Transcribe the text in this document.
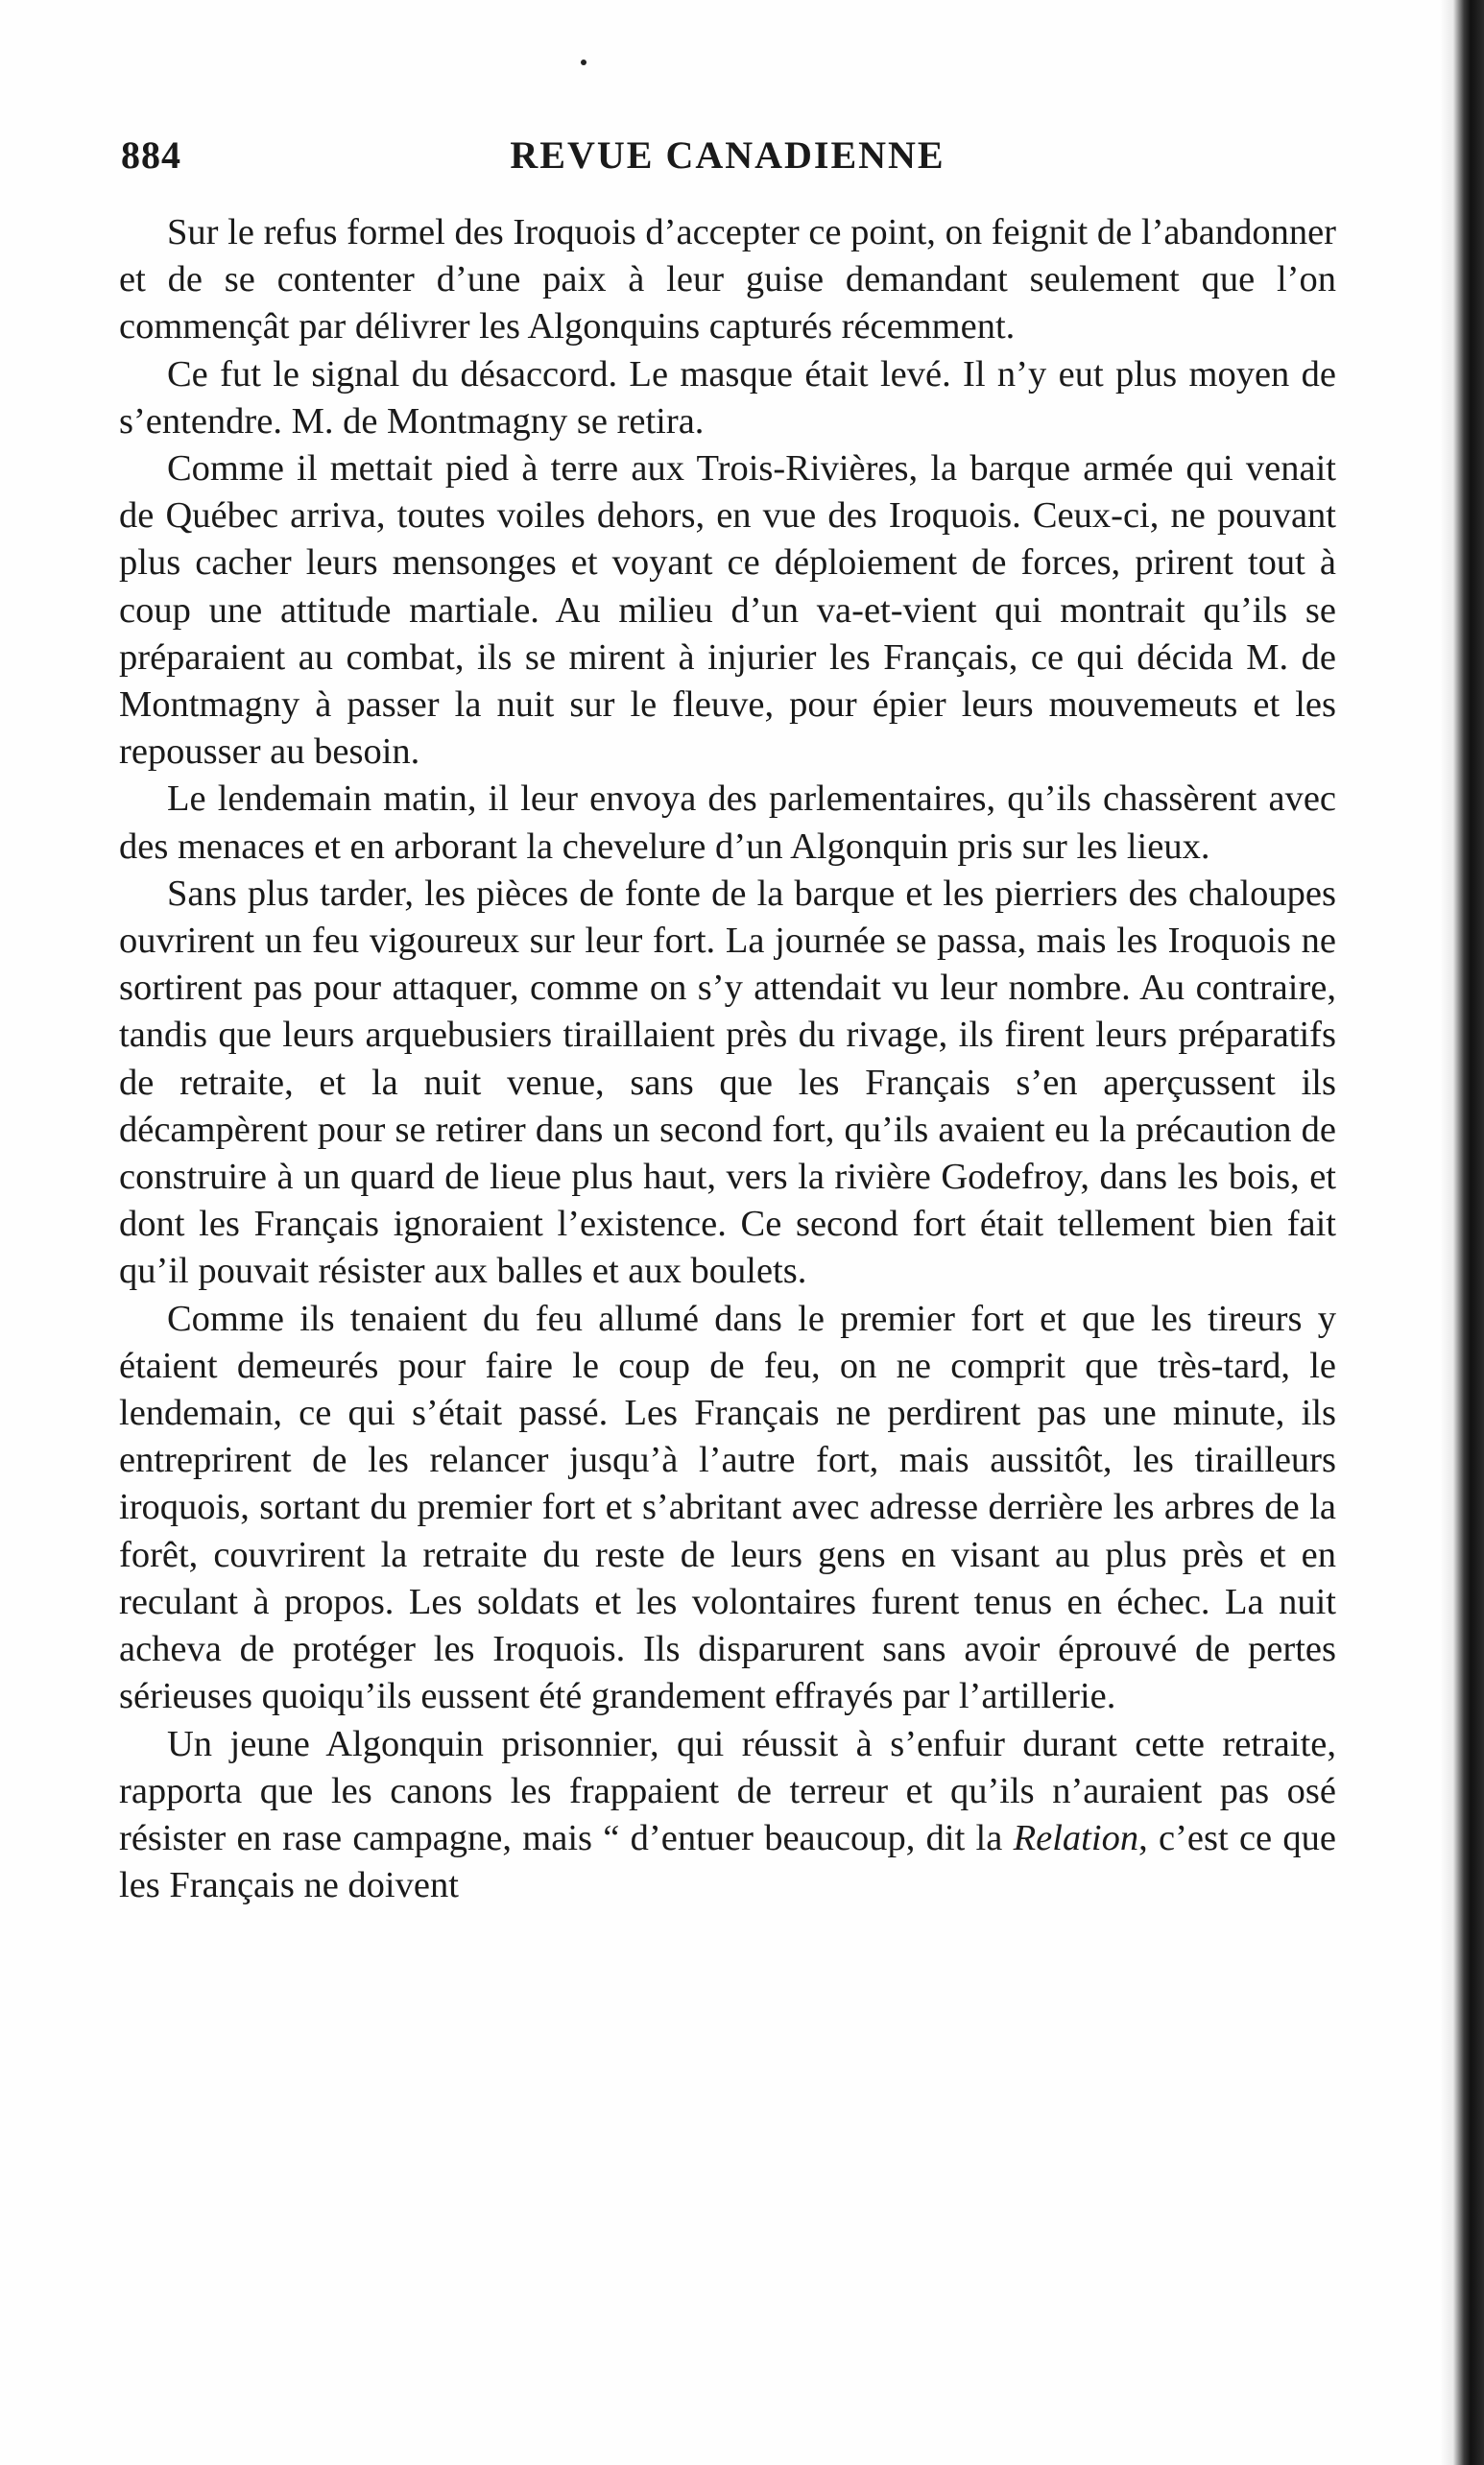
884	REVUE CANADIENNE

Sur le refus formel des Iroquois d’accepter ce point, on feignit de l’abandonner et de se contenter d’une paix à leur guise demandant seulement que l’on commençât par délivrer les Algonquins capturés récemment.

Ce fut le signal du désaccord. Le masque était levé. Il n’y eut plus moyen de s’entendre. M. de Montmagny se retira.

Comme il mettait pied à terre aux Trois-Rivières, la barque armée qui venait de Québec arriva, toutes voiles dehors, en vue des Iroquois. Ceux-ci, ne pouvant plus cacher leurs mensonges et voyant ce déploiement de forces, prirent tout à coup une attitude martiale. Au milieu d’un va-et-vient qui montrait qu’ils se préparaient au combat, ils se mirent à injurier les Français, ce qui décida M. de Montmagny à passer la nuit sur le fleuve, pour épier leurs mouvemeuts et les repousser au besoin.

Le lendemain matin, il leur envoya des parlementaires, qu’ils chassèrent avec des menaces et en arborant la chevelure d’un Algonquin pris sur les lieux.

Sans plus tarder, les pièces de fonte de la barque et les pierriers des chaloupes ouvrirent un feu vigoureux sur leur fort. La journée se passa, mais les Iroquois ne sortirent pas pour attaquer, comme on s’y attendait vu leur nombre. Au contraire, tandis que leurs arquebusiers tiraillaient près du rivage, ils firent leurs préparatifs de retraite, et la nuit venue, sans que les Français s’en aperçussent ils décampèrent pour se retirer dans un second fort, qu’ils avaient eu la précaution de construire à un quard de lieue plus haut, vers la rivière Godefroy, dans les bois, et dont les Français ignoraient l’existence. Ce second fort était tellement bien fait qu’il pouvait résister aux balles et aux boulets.

Comme ils tenaient du feu allumé dans le premier fort et que les tireurs y étaient demeurés pour faire le coup de feu, on ne comprit que très-tard, le lendemain, ce qui s’était passé. Les Français ne perdirent pas une minute, ils entreprirent de les relancer jusqu’à l’autre fort, mais aussitôt, les tirailleurs iroquois, sortant du premier fort et s’abritant avec adresse derrière les arbres de la forêt, couvrirent la retraite du reste de leurs gens en visant au plus près et en reculant à propos. Les soldats et les volontaires furent tenus en échec. La nuit acheva de protéger les Iroquois. Ils disparurent sans avoir éprouvé de pertes sérieuses quoiqu’ils eussent été grandement effrayés par l’artillerie.

Un jeune Algonquin prisonnier, qui réussit à s’enfuir durant cette retraite, rapporta que les canons les frappaient de terreur et qu’ils n’auraient pas osé résister en rase campagne, mais “ d’entuer beaucoup, dit la Relation, c’est ce que les Français ne doivent
